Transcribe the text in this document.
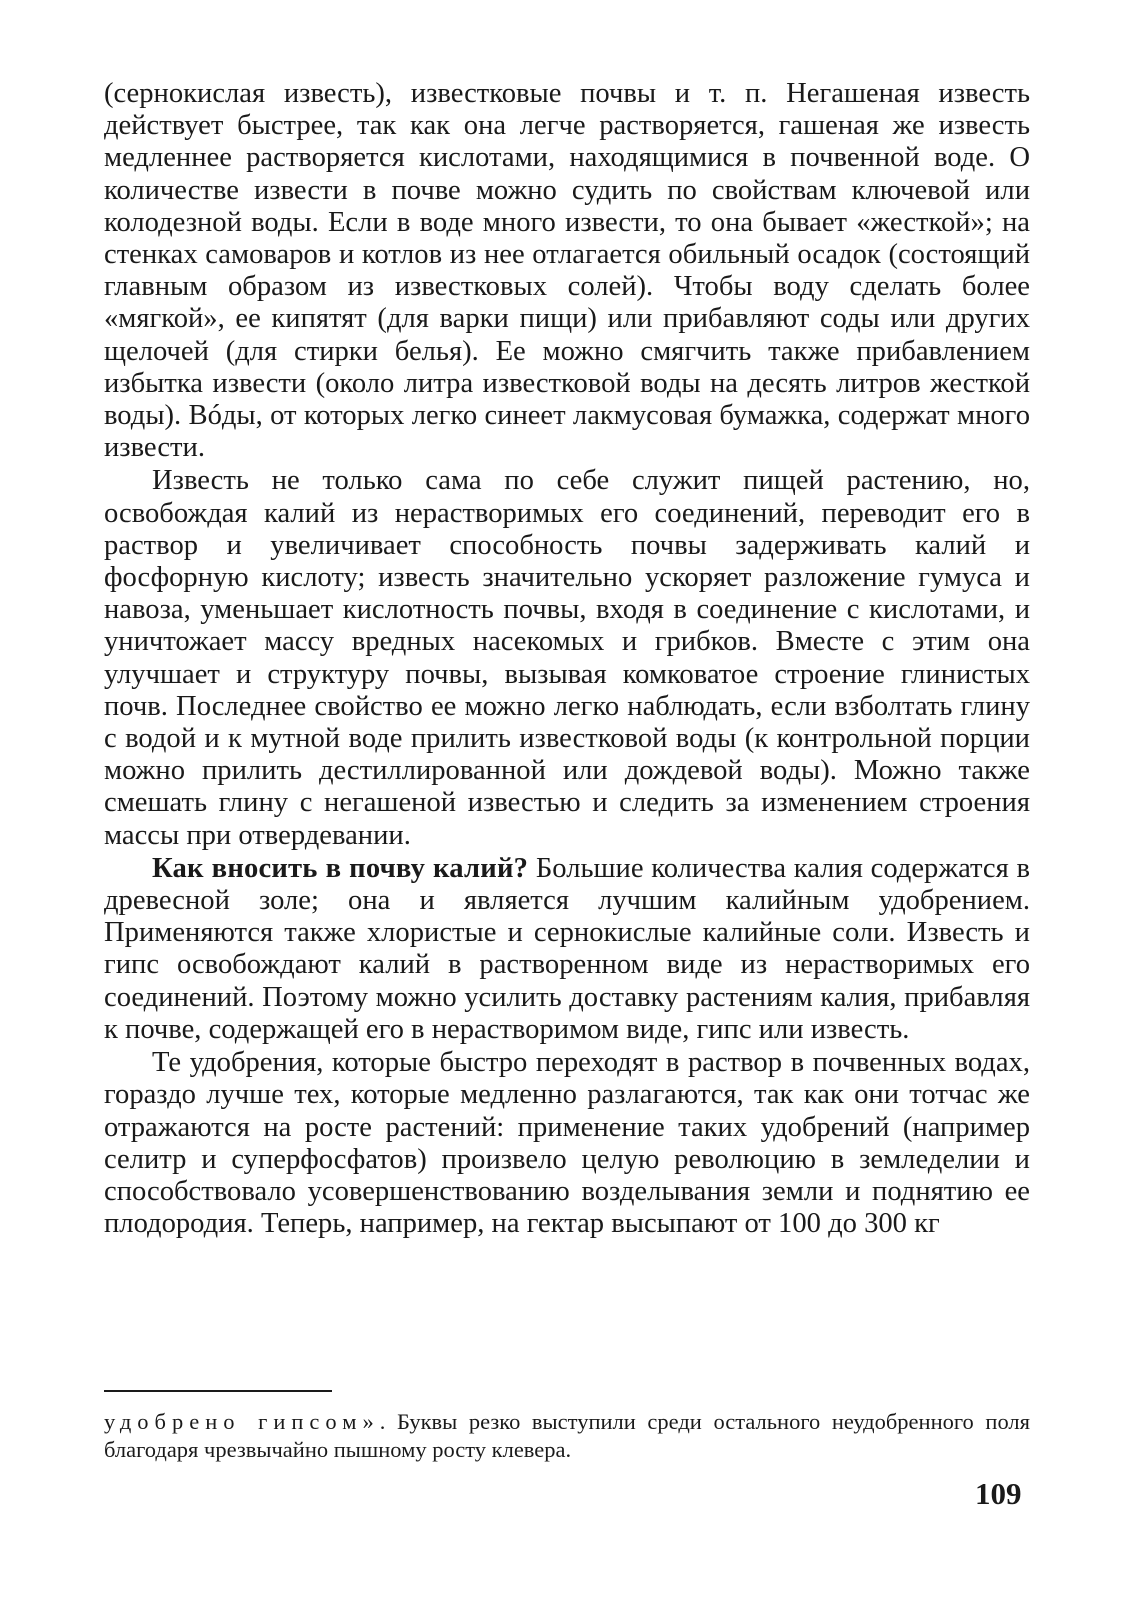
(сернокислая известь), известковые почвы и т. п. Негашеная известь действует быстрее, так как она легче растворяется, гашеная же известь медленнее растворяется кислотами, находящимися в почвенной воде. О количестве извести в почве можно судить по свойствам ключевой или колодезной воды. Если в воде много извести, то она бывает «жесткой»; на стенках самоваров и котлов из нее отлагается обильный осадок (состоящий главным образом из известковых солей). Чтобы воду сделать более «мягкой», ее кипятят (для варки пищи) или прибавляют соды или других щелочей (для стирки белья). Ее можно смягчить также прибавлением избытка извести (около литра известковой воды на десять литров жесткой воды). Вóды, от которых легко синеет лакмусовая бумажка, содержат много извести.

Известь не только сама по себе служит пищей растению, но, освобождая калий из нерастворимых его соединений, переводит его в раствор и увеличивает способность почвы задерживать калий и фосфорную кислоту; известь значительно ускоряет разложение гумуса и навоза, уменьшает кислотность почвы, входя в соединение с кислотами, и уничтожает массу вредных насекомых и грибков. Вместе с этим она улучшает и структуру почвы, вызывая комковатое строение глинистых почв. Последнее свойство ее можно легко наблюдать, если взболтать глину с водой и к мутной воде прилить известковой воды (к контрольной порции можно прилить дестиллированной или дождевой воды). Можно также смешать глину с негашеной известью и следить за изменением строения массы при отвердевании.

Как вносить в почву калий? Большие количества калия содержатся в древесной золе; она и является лучшим калийным удобрением. Применяются также хлористые и сернокислые калийные соли. Известь и гипс освобождают калий в растворенном виде из нерастворимых его соединений. Поэтому можно усилить доставку растениям калия, прибавляя к почве, содержащей его в нерастворимом виде, гипс или известь.

Те удобрения, которые быстро переходят в раствор в почвенных водах, гораздо лучше тех, которые медленно разлагаются, так как они тотчас же отражаются на росте растений: применение таких удобрений (например селитр и суперфосфатов) произвело целую революцию в земледелии и способствовало усовершенствованию возделывания земли и поднятию ее плодородия. Теперь, например, на гектар высыпают от 100 до 300 кг

удобрено гипсом». Буквы резко выступили среди остального неудобренного поля благодаря чрезвычайно пышному росту клевера.

109
